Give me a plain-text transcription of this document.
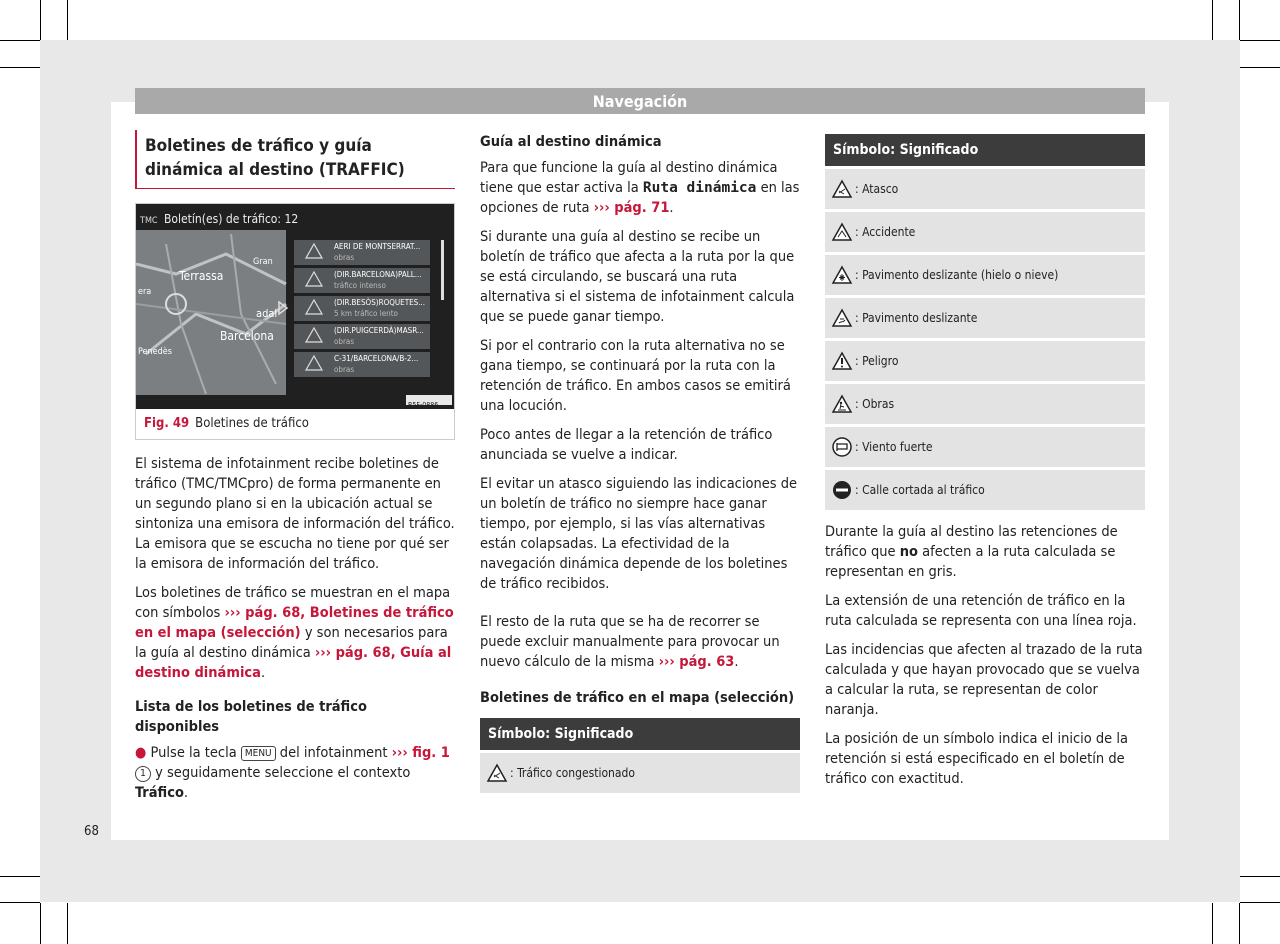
Navegación
68
Boletines de tráfico y guía dinámica al destino (TRAFFIC)
TMC Boletín(es) de tráfico: 12
Terrassa
Gran
era
Penedès
Barcelona
adal
AERI DE MONTSERRAT...
obras
(DIR.BARCELONA)PALL...
tráfico intenso
(DIR.BESÒS)ROQUETES...
5 km tráfico lento
(DIR.PUIGCERDÀ)MASR...
obras
C-31/BARCELONA/B-2...
obras
B5F-0886
Fig. 49 Boletines de tráfico

El sistema de infotainment recibe boletines de tráfico (TMC/TMCpro) de forma permanente en un segundo plano si en la ubicación actual se sintoniza una emisora de información del tráfico. La emisora que se escucha no tiene por qué ser la emisora de información del tráfico.

Los boletines de tráfico se muestran en el mapa con símbolos ››› pág. 68, Boletines de tráfico en el mapa (selección) y son necesarios para la guía al destino dinámica ››› pág. 68, Guía al destino dinámica.

Lista de los boletines de tráfico disponibles

● Pulse la tecla MENU del infotainment ››› fig. 1 1 y seguidamente seleccione el contexto Tráfico.

Guía al destino dinámica

Para que funcione la guía al destino dinámica tiene que estar activa la Ruta dinámica en las opciones de ruta ››› pág. 71.

Si durante una guía al destino se recibe un boletín de tráfico que afecta a la ruta por la que se está circulando, se buscará una ruta alternativa si el sistema de infotainment calcula que se puede ganar tiempo.

Si por el contrario con la ruta alternativa no se gana tiempo, se continuará por la ruta con la retención de tráfico. En ambos casos se emitirá una locución.

Poco antes de llegar a la retención de tráfico anunciada se vuelve a indicar.

El evitar un atasco siguiendo las indicaciones de un boletín de tráfico no siempre hace ganar tiempo, por ejemplo, si las vías alternativas están colapsadas. La efectividad de la navegación dinámica depende de los boletines de tráfico recibidos.

El resto de la ruta que se ha de recorrer se puede excluir manualmente para provocar un nuevo cálculo de la misma ››› pág. 63.

Boletines de tráfico en el mapa (selección)
Símbolo: Significado
: Tráfico congestionado
Símbolo: Significado
: Atasco
: Accidente
: Pavimento deslizante (hielo o nieve)
: Pavimento deslizante
: Peligro
: Obras
: Viento fuerte
: Calle cortada al tráfico

Durante la guía al destino las retenciones de tráfico que no afecten a la ruta calculada se representan en gris.

La extensión de una retención de tráfico en la ruta calculada se representa con una línea roja.

Las incidencias que afecten al trazado de la ruta calculada y que hayan provocado que se vuelva a calcular la ruta, se representan de color naranja.

La posición de un símbolo indica el inicio de la retención si está especificado en el boletín de tráfico con exactitud.
